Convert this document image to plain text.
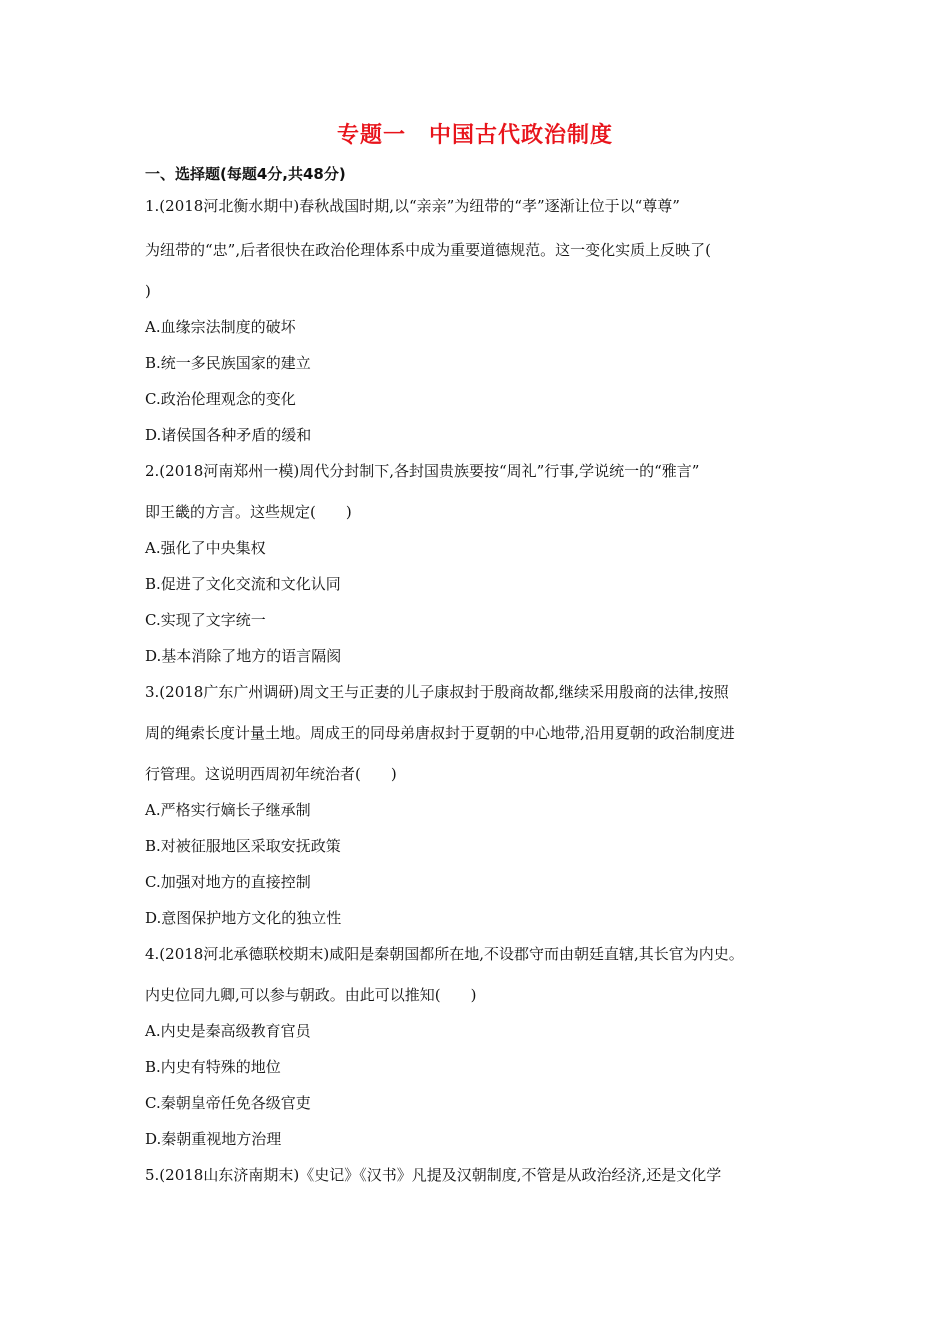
专题一　中国古代政治制度
一、选择题(每题4分,共48分)
1.(2018河北衡水期中)春秋战国时期,以“亲亲”为纽带的“孝”逐渐让位于以“尊尊”
为纽带的“忠”,后者很快在政治伦理体系中成为重要道德规范。这一变化实质上反映了(
)
A.血缘宗法制度的破坏
B.统一多民族国家的建立
C.政治伦理观念的变化
D.诸侯国各种矛盾的缓和
2.(2018河南郑州一模)周代分封制下,各封国贵族要按“周礼”行事,学说统一的“雅言”
即王畿的方言。这些规定(　　)
A.强化了中央集权
B.促进了文化交流和文化认同
C.实现了文字统一
D.基本消除了地方的语言隔阂
3.(2018广东广州调研)周文王与正妻的儿子康叔封于殷商故都,继续采用殷商的法律,按照
周的绳索长度计量土地。周成王的同母弟唐叔封于夏朝的中心地带,沿用夏朝的政治制度进
行管理。这说明西周初年统治者(　　)
A.严格实行嫡长子继承制
B.对被征服地区采取安抚政策
C.加强对地方的直接控制
D.意图保护地方文化的独立性
4.(2018河北承德联校期末)咸阳是秦朝国都所在地,不设郡守而由朝廷直辖,其长官为内史。
内史位同九卿,可以参与朝政。由此可以推知(　　)
A.内史是秦高级教育官员
B.内史有特殊的地位
C.秦朝皇帝任免各级官吏
D.秦朝重视地方治理
5.(2018山东济南期末)《史记》《汉书》凡提及汉朝制度,不管是从政治经济,还是文化学
